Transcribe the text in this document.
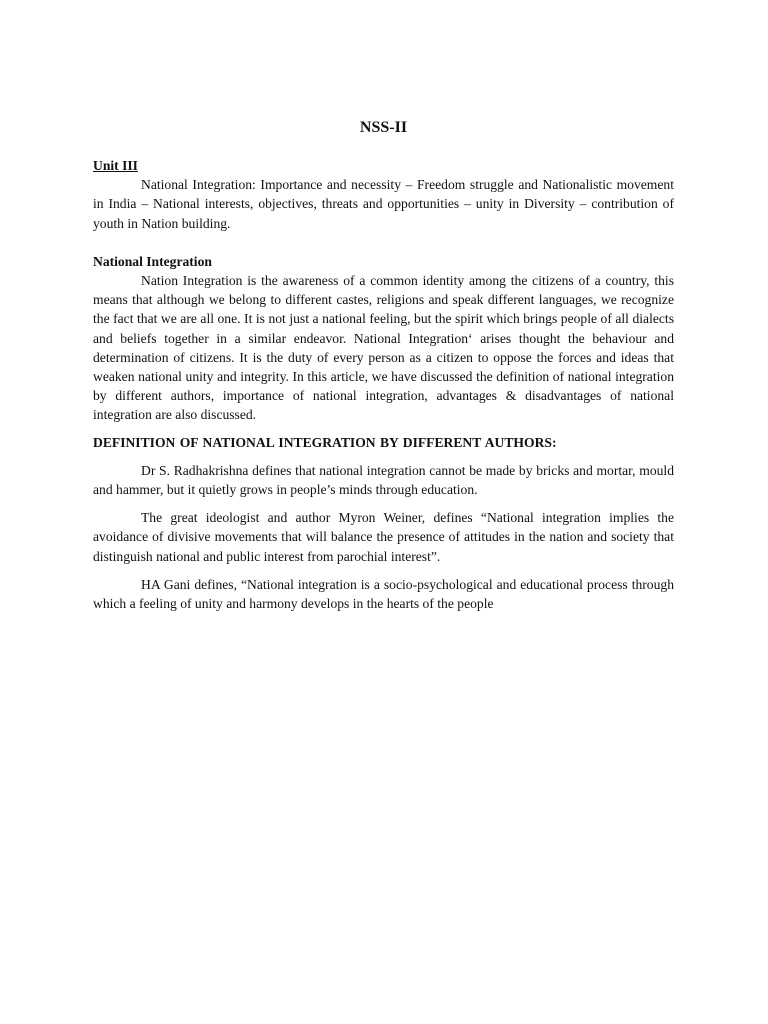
NSS-II
Unit III

National Integration: Importance and necessity – Freedom struggle and Nationalistic movement in India – National interests, objectives, threats and opportunities – unity in Diversity – contribution of youth in Nation building.

National Integration

Nation Integration is the awareness of a common identity among the citizens of a country, this means that although we belong to different castes, religions and speak different languages, we recognize the fact that we are all one. It is not just a national feeling, but the spirit which brings people of all dialects and beliefs together in a similar endeavor. National Integration‘ arises thought the behaviour and determination of citizens. It is the duty of every person as a citizen to oppose the forces and ideas that weaken national unity and integrity. In this article, we have discussed the definition of national integration by different authors, importance of national integration, advantages & disadvantages of national integration are also discussed.

DEFINITION OF NATIONAL INTEGRATION BY DIFFERENT AUTHORS:

Dr S. Radhakrishna defines that national integration cannot be made by bricks and mortar, mould and hammer, but it quietly grows in people’s minds through education.

The great ideologist and author Myron Weiner, defines “National integration implies the avoidance of divisive movements that will balance the presence of attitudes in the nation and society that distinguish national and public interest from parochial interest”.

HA Gani defines, “National integration is a socio-psychological and educational process through which a feeling of unity and harmony develops in the hearts of the people
